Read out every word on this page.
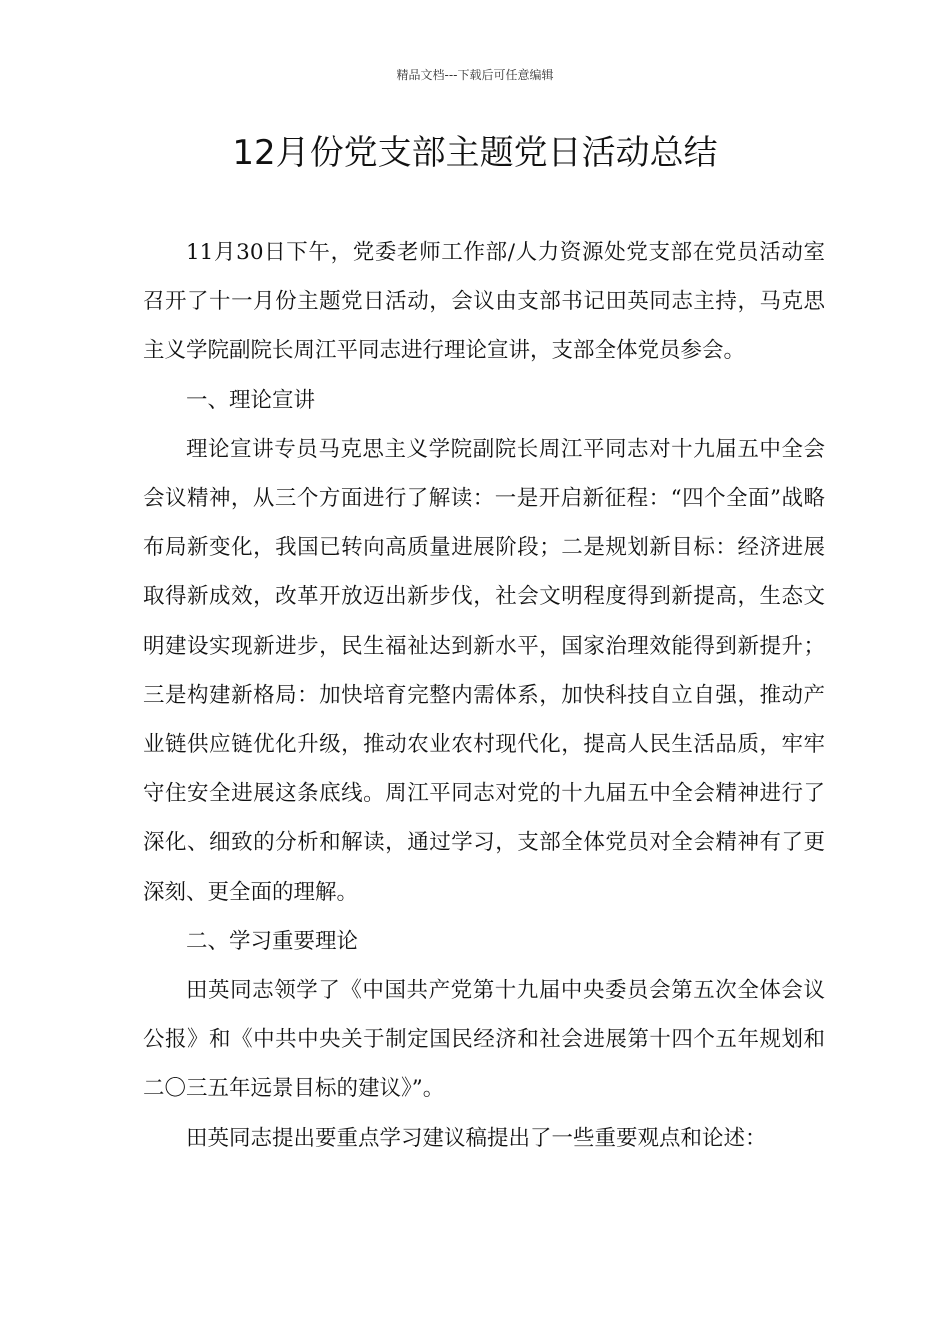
精品文档---下载后可任意编辑
12月份党支部主题党日活动总结

11月30日下午，党委老师工作部/人力资源处党支部在党员活动室召开了十一月份主题党日活动，会议由支部书记田英同志主持，马克思主义学院副院长周江平同志进行理论宣讲，支部全体党员参会。

一、理论宣讲

理论宣讲专员马克思主义学院副院长周江平同志对十九届五中全会会议精神，从三个方面进行了解读：一是开启新征程：“四个全面”战略布局新变化，我国已转向高质量进展阶段；二是规划新目标：经济进展取得新成效，改革开放迈出新步伐，社会文明程度得到新提高，生态文明建设实现新进步，民生福祉达到新水平，国家治理效能得到新提升；三是构建新格局：加快培育完整内需体系，加快科技自立自强，推动产业链供应链优化升级，推动农业农村现代化，提高人民生活品质，牢牢守住安全进展这条底线。周江平同志对党的十九届五中全会精神进行了深化、细致的分析和解读，通过学习，支部全体党员对全会精神有了更深刻、更全面的理解。

二、学习重要理论

田英同志领学了《中国共产党第十九届中央委员会第五次全体会议公报》和《中共中央关于制定国民经济和社会进展第十四个五年规划和二〇三五年远景目标的建议》”。

田英同志提出要重点学习建议稿提出了一些重要观点和论述：
